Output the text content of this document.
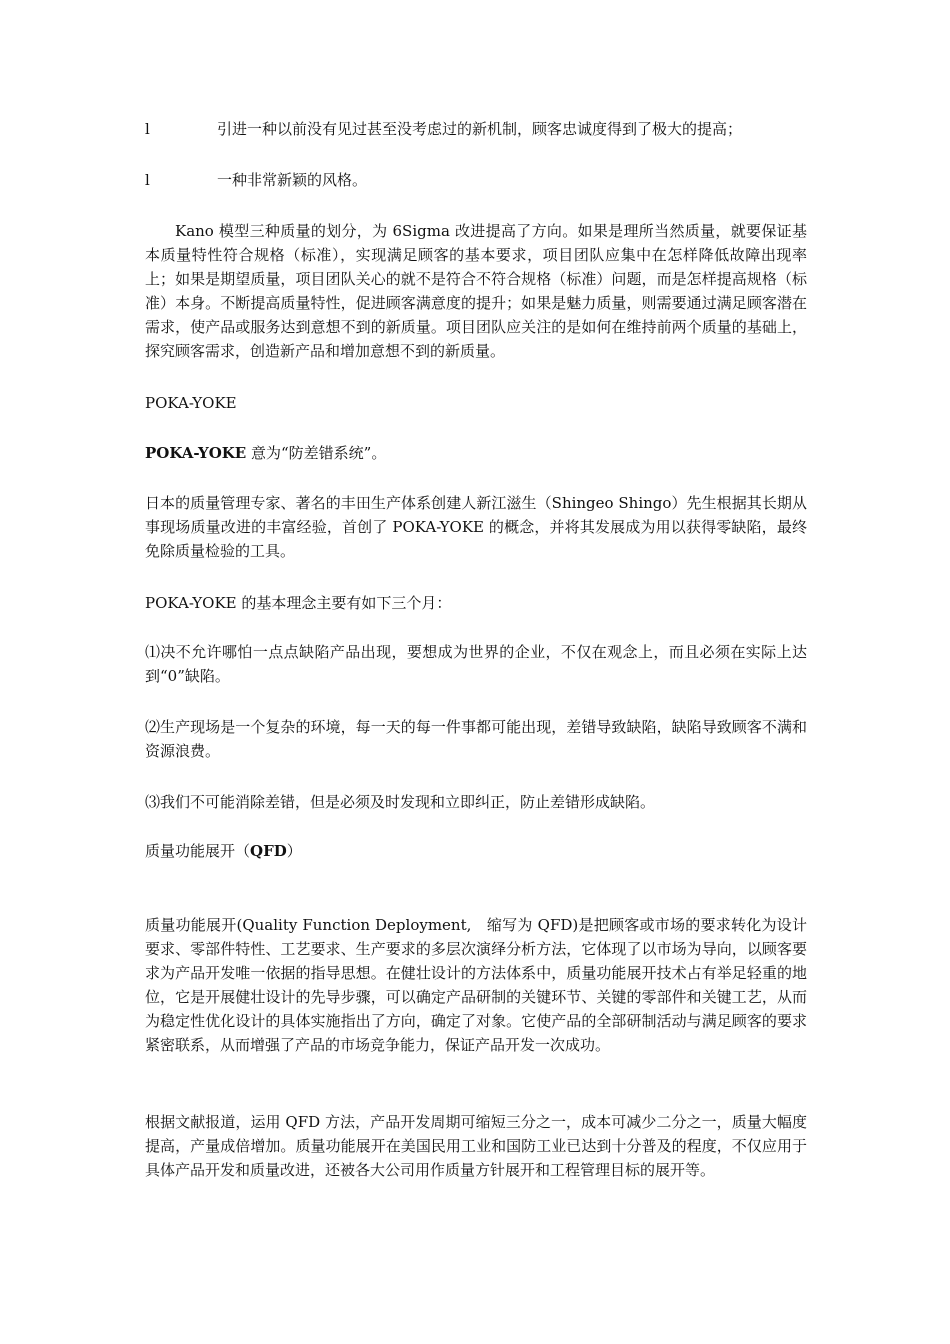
l	引进一种以前没有见过甚至没考虑过的新机制，顾客忠诚度得到了极大的提高；
l	一种非常新颖的风格。

Kano 模型三种质量的划分，为 6Sigma 改进提高了方向。如果是理所当然质量，就要保证基本质量特性符合规格（标准），实现满足顾客的基本要求，项目团队应集中在怎样降低故障出现率上；如果是期望质量，项目团队关心的就不是符合不符合规格（标准）问题，而是怎样提高规格（标准）本身。不断提高质量特性，促进顾客满意度的提升；如果是魅力质量，则需要通过满足顾客潜在需求，使产品或服务达到意想不到的新质量。项目团队应关注的是如何在维持前两个质量的基础上，探究顾客需求，创造新产品和增加意想不到的新质量。

POKA-YOKE

POKA-YOKE 意为“防差错系统”。

日本的质量管理专家、著名的丰田生产体系创建人新江滋生（Shingeo Shingo）先生根据其长期从事现场质量改进的丰富经验，首创了 POKA-YOKE 的概念，并将其发展成为用以获得零缺陷，最终免除质量检验的工具。

POKA-YOKE 的基本理念主要有如下三个月：

⑴决不允许哪怕一点点缺陷产品出现，要想成为世界的企业，不仅在观念上，而且必须在实际上达到“0”缺陷。

⑵生产现场是一个复杂的环境，每一天的每一件事都可能出现，差错导致缺陷，缺陷导致顾客不满和资源浪费。

⑶我们不可能消除差错，但是必须及时发现和立即纠正，防止差错形成缺陷。

质量功能展开（QFD）

质量功能展开(Quality Function Deployment,　缩写为 QFD)是把顾客或市场的要求转化为设计要求、零部件特性、工艺要求、生产要求的多层次演绎分析方法，它体现了以市场为导向，以顾客要求为产品开发唯一依据的指导思想。在健壮设计的方法体系中，质量功能展开技术占有举足轻重的地位，它是开展健壮设计的先导步骤，可以确定产品研制的关键环节、关键的零部件和关键工艺，从而为稳定性优化设计的具体实施指出了方向，确定了对象。它使产品的全部研制活动与满足顾客的要求紧密联系，从而增强了产品的市场竞争能力，保证产品开发一次成功。

根据文献报道，运用 QFD 方法，产品开发周期可缩短三分之一，成本可减少二分之一，质量大幅度提高，产量成倍增加。质量功能展开在美国民用工业和国防工业已达到十分普及的程度，不仅应用于具体产品开发和质量改进，还被各大公司用作质量方针展开和工程管理目标的展开等。
